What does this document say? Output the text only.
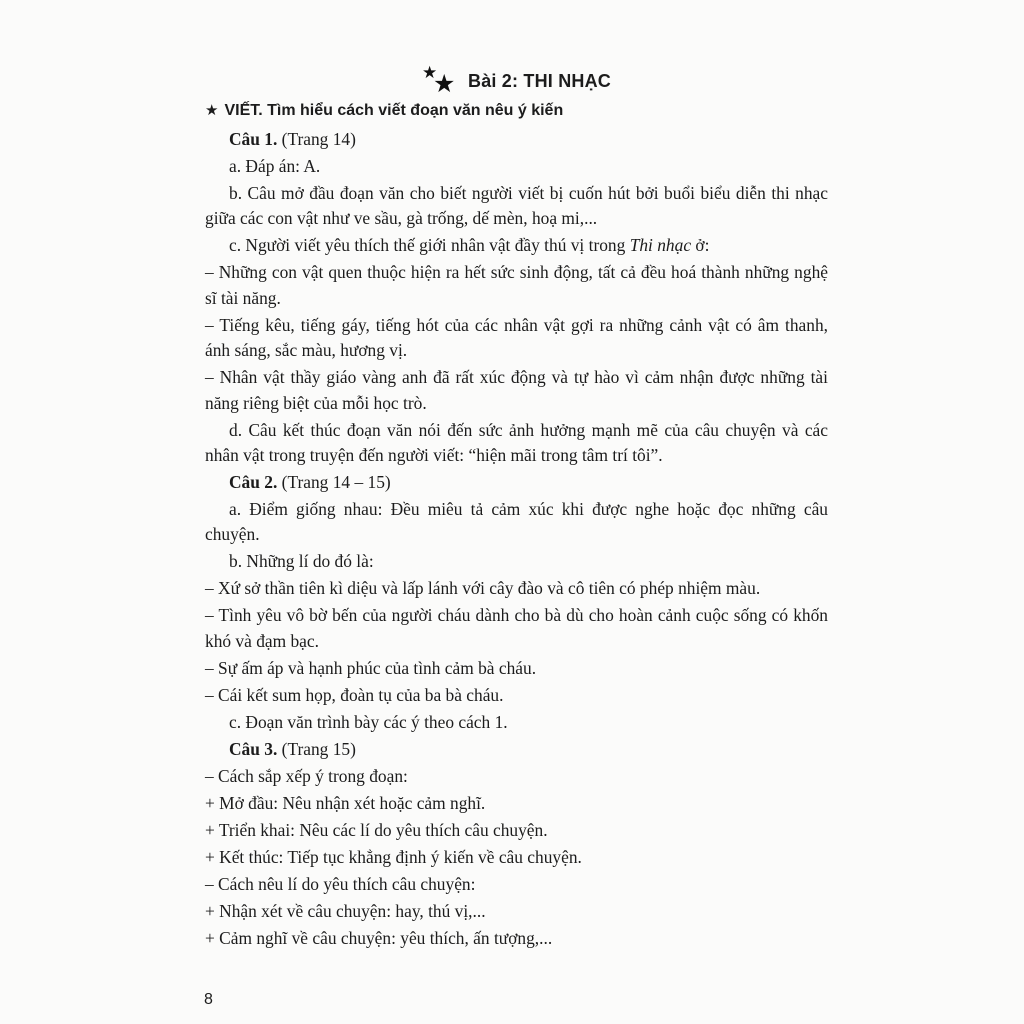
★
★ Bài 2: THI NHẠC
★ VIẾT. Tìm hiểu cách viết đoạn văn nêu ý kiến

Câu 1. (Trang 14)

a. Đáp án: A.

b. Câu mở đầu đoạn văn cho biết người viết bị cuốn hút bởi buổi biểu diễn thi nhạc giữa các con vật như ve sầu, gà trống, dế mèn, hoạ mi,...

c. Người viết yêu thích thế giới nhân vật đầy thú vị trong Thi nhạc ở:

– Những con vật quen thuộc hiện ra hết sức sinh động, tất cả đều hoá thành những nghệ sĩ tài năng.

– Tiếng kêu, tiếng gáy, tiếng hót của các nhân vật gợi ra những cảnh vật có âm thanh, ánh sáng, sắc màu, hương vị.

– Nhân vật thầy giáo vàng anh đã rất xúc động và tự hào vì cảm nhận được những tài năng riêng biệt của mỗi học trò.

d. Câu kết thúc đoạn văn nói đến sức ảnh hưởng mạnh mẽ của câu chuyện và các nhân vật trong truyện đến người viết: “hiện mãi trong tâm trí tôi”.

Câu 2. (Trang 14 – 15)

a. Điểm giống nhau: Đều miêu tả cảm xúc khi được nghe hoặc đọc những câu chuyện.

b. Những lí do đó là:

– Xứ sở thần tiên kì diệu và lấp lánh với cây đào và cô tiên có phép nhiệm màu.

– Tình yêu vô bờ bến của người cháu dành cho bà dù cho hoàn cảnh cuộc sống có khốn khó và đạm bạc.

– Sự ấm áp và hạnh phúc của tình cảm bà cháu.

– Cái kết sum họp, đoàn tụ của ba bà cháu.

c. Đoạn văn trình bày các ý theo cách 1.

Câu 3. (Trang 15)

– Cách sắp xếp ý trong đoạn:

+ Mở đầu: Nêu nhận xét hoặc cảm nghĩ.

+ Triển khai: Nêu các lí do yêu thích câu chuyện.

+ Kết thúc: Tiếp tục khẳng định ý kiến về câu chuyện.

– Cách nêu lí do yêu thích câu chuyện:

+ Nhận xét về câu chuyện: hay, thú vị,...

+ Cảm nghĩ về câu chuyện: yêu thích, ấn tượng,...

8
